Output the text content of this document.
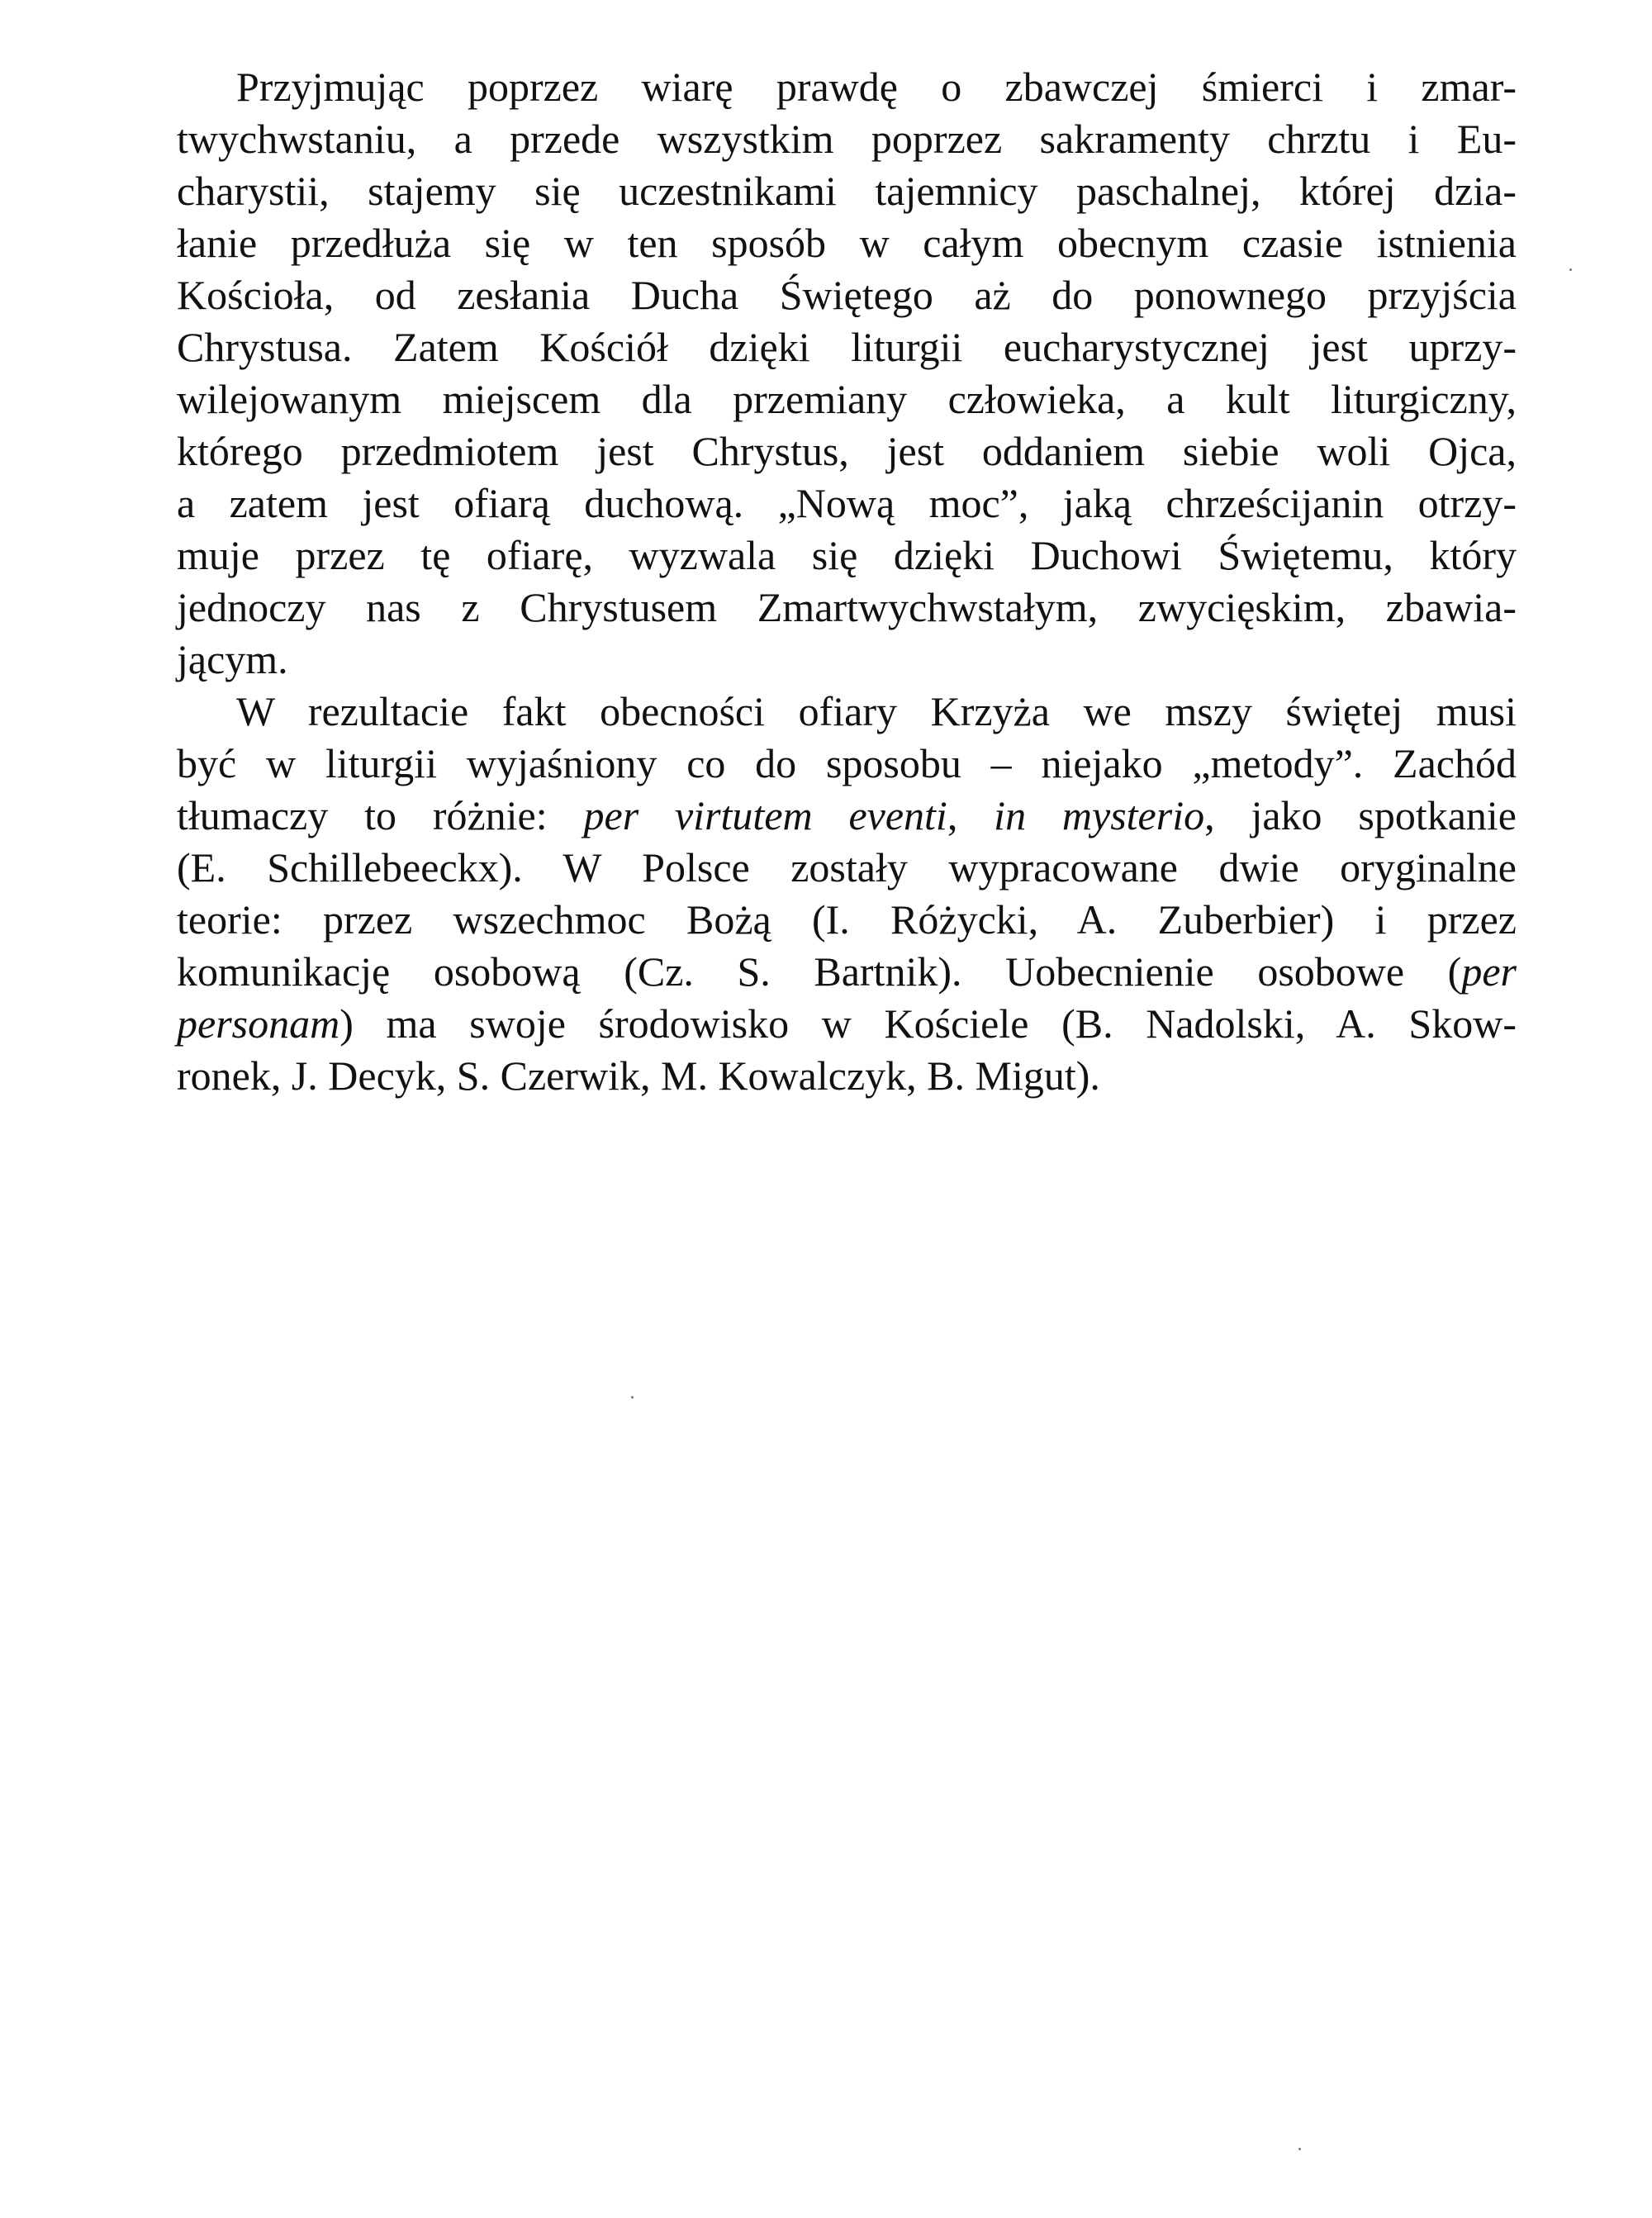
Przyjmując poprzez wiarę prawdę o zbawczej śmierci i zmar-
twychwstaniu, a przede wszystkim poprzez sakramenty chrztu i Eu-
charystii, stajemy się uczestnikami tajemnicy paschalnej, której dzia-
łanie przedłuża się w ten sposób w całym obecnym czasie istnienia
Kościoła, od zesłania Ducha Świętego aż do ponownego przyjścia
Chrystusa. Zatem Kościół dzięki liturgii eucharystycznej jest uprzy-
wilejowanym miejscem dla przemiany człowieka, a kult liturgiczny,
którego przedmiotem jest Chrystus, jest oddaniem siebie woli Ojca,
a zatem jest ofiarą duchową. „Nową moc”, jaką chrześcijanin otrzy-
muje przez tę ofiarę, wyzwala się dzięki Duchowi Świętemu, który
jednoczy nas z Chrystusem Zmartwychwstałym, zwycięskim, zbawia-
jącym.
W rezultacie fakt obecności ofiary Krzyża we mszy świętej musi
być w liturgii wyjaśniony co do sposobu – niejako „metody”. Zachód
tłumaczy to różnie: per virtutem eventi, in mysterio, jako spotkanie
(E. Schillebeeckx). W Polsce zostały wypracowane dwie oryginalne
teorie: przez wszechmoc Bożą (I. Różycki, A. Zuberbier) i przez
komunikację osobową (Cz. S. Bartnik). Uobecnienie osobowe (per
personam) ma swoje środowisko w Kościele (B. Nadolski, A. Skow-
ronek, J. Decyk, S. Czerwik, M. Kowalczyk, B. Migut).
